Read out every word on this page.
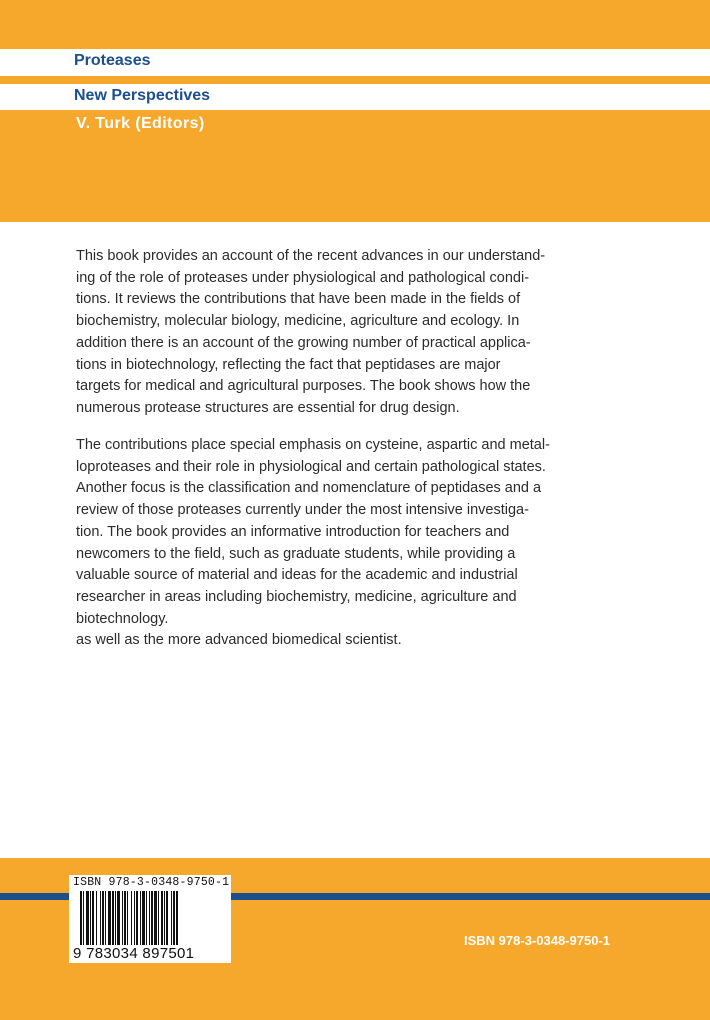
Proteases
New Perspectives
V. Turk (Editors)
This book provides an account of the recent advances in our understand-
ing of the role of proteases under physiological and pathological condi-
tions. It reviews the contributions that have been made in the fields of
biochemistry, molecular biology, medicine, agriculture and ecology. In
addition there is an account of the growing number of practical applica-
tions in biotechnology, reflecting the fact that peptidases are major
targets for medical and agricultural purposes. The book shows how the
numerous protease structures are essential for drug design.
The contributions place special emphasis on cysteine, aspartic and metal-
loproteases and their role in physiological and certain pathological states.
Another focus is the classification and nomenclature of peptidases and a
review of those proteases currently under the most intensive investiga-
tion. The book provides an informative introduction for teachers and
newcomers to the field, such as graduate students, while providing a
valuable source of material and ideas for the academic and industrial
researcher in areas including biochemistry, medicine, agriculture and
biotechnology.
as well as the more advanced biomedical scientist.
ISBN 978-3-0348-9750-1
9 783034 897501
ISBN 978-3-0348-9750-1
